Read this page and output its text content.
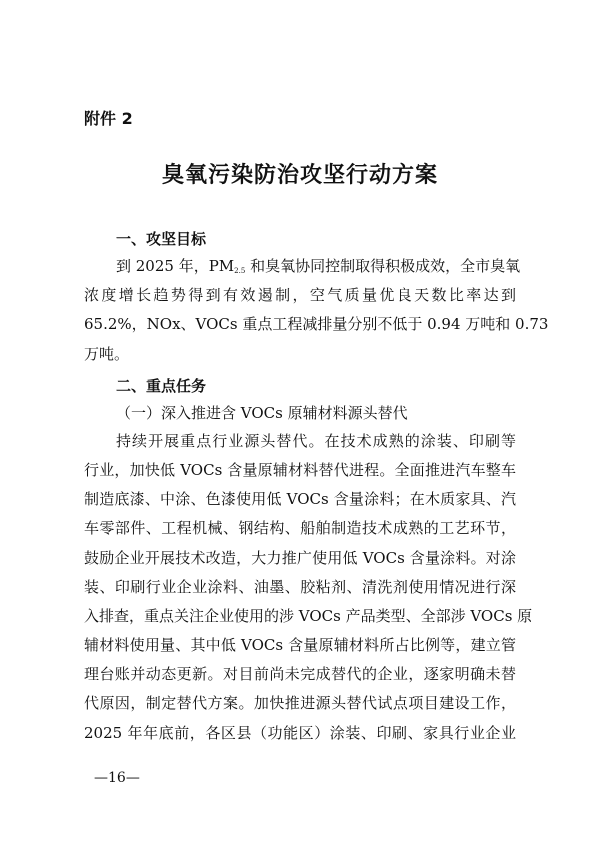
附件 2
臭氧污染防治攻坚行动方案
一、攻坚目标
到 2025 年，$PM_{2.5}$ 和臭氧协同控制取得积极成效，全市臭氧
浓度增长趋势得到有效遏制，空气质量优良天数比率达到
65.2%，NOx、VOCs 重点工程减排量分别不低于 0.94 万吨和 0.73
万吨。
二、重点任务
（一）深入推进含 VOCs 原辅材料源头替代
持续开展重点行业源头替代。在技术成熟的涂装、印刷等
行业，加快低 VOCs 含量原辅材料替代进程。全面推进汽车整车
制造底漆、中涂、色漆使用低 VOCs 含量涂料；在木质家具、汽
车零部件、工程机械、钢结构、船舶制造技术成熟的工艺环节，
鼓励企业开展技术改造，大力推广使用低 VOCs 含量涂料。对涂
装、印刷行业企业涂料、油墨、胶粘剂、清洗剂使用情况进行深
入排查，重点关注企业使用的涉 VOCs 产品类型、全部涉 VOCs 原
辅材料使用量、其中低 VOCs 含量原辅材料所占比例等，建立管
理台账并动态更新。对目前尚未完成替代的企业，逐家明确未替
代原因，制定替代方案。加快推进源头替代试点项目建设工作，
2025 年年底前，各区县（功能区）涂装、印刷、家具行业企业
—16—
